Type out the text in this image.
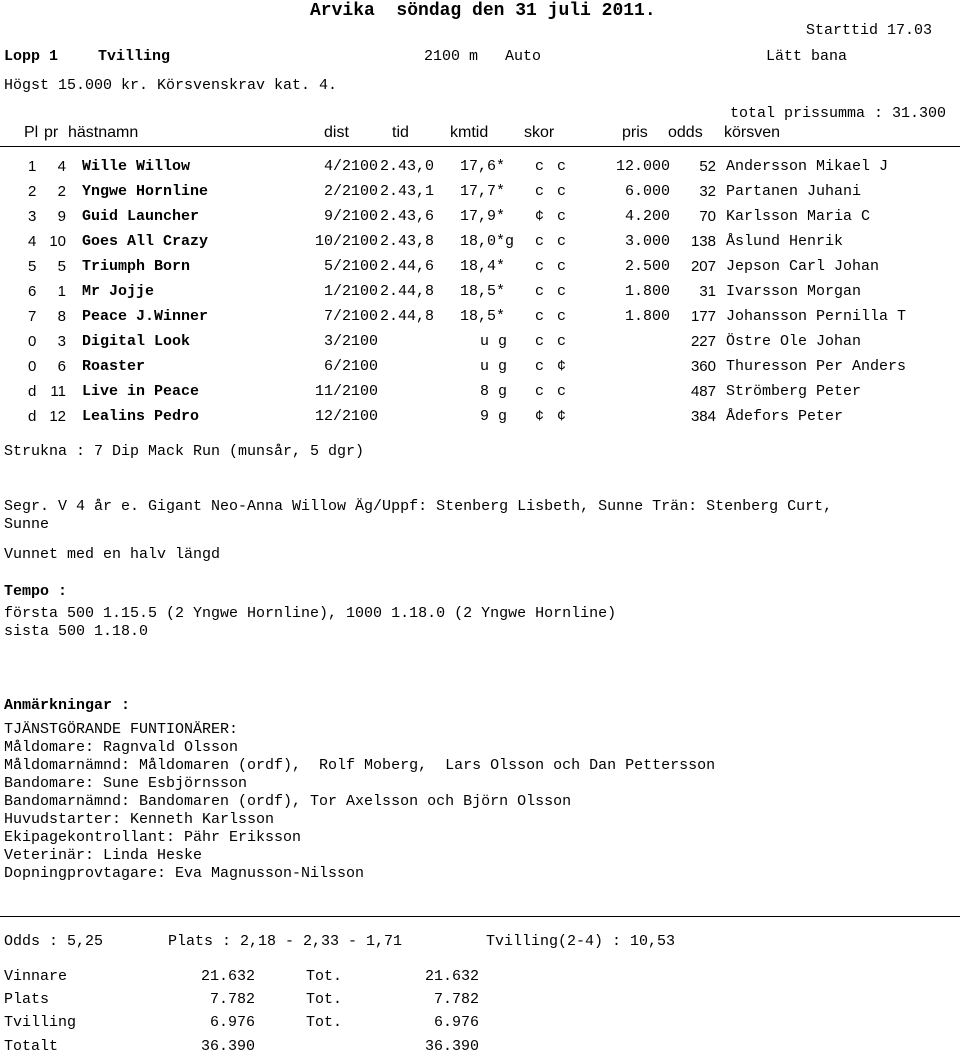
Arvika  söndag den 31 juli 2011.
Starttid 17.03
Lopp 1	Tvilling	2100 m Auto	Lätt bana
Högst 15.000 kr. Körsvenskrav kat. 4.
total prissumma : 31.300
Pl pr hästnamn	dist	tid	kmtid skor	pris odds körsven
1	4 Wille Willow	4/2100 2.43,0 17,6* c c	12.000	52 Andersson Mikael J
2	2 Yngwe Hornline	2/2100 2.43,1 17,7* c c	6.000	32 Partanen Juhani
3	9 Guid Launcher	9/2100 2.43,6 17,9* ¢ c	4.200	70 Karlsson Maria C
4 10 Goes All Crazy	10/2100 2.43,8 18,0*g c c	3.000	138 Åslund Henrik
5	5 Triumph Born	5/2100 2.44,6 18,4* c c	2.500	207 Jepson Carl Johan
6	1 Mr Jojje	1/2100 2.44,8 18,5* c c	1.800	31 Ivarsson Morgan
7	8 Peace J.Winner	7/2100 2.44,8 18,5* c c	1.800	177 Johansson Pernilla T
0	3 Digital Look	3/2100	u g c c	227 Östre Ole Johan
0	6 Roaster	6/2100	u g c ¢	360 Thuresson Per Anders
d 11 Live in Peace	11/2100	8 g c c	487 Strömberg Peter
d 12 Lealins Pedro	12/2100	9 g ¢ ¢	384 Ådefors Peter
Strukna : 7 Dip Mack Run (munsår, 5 dgr)
Segr. V 4 år e. Gigant Neo-Anna Willow Äg/Uppf: Stenberg Lisbeth, Sunne Trän: Stenberg Curt,
Sunne
Vunnet med en halv längd
Tempo :
första 500 1.15.5 (2 Yngwe Hornline), 1000 1.18.0 (2 Yngwe Hornline)
sista 500 1.18.0
Anmärkningar :
TJÄNSTGÖRANDE FUNTIONÄRER:
Måldomare: Ragnvald Olsson
Måldomarnämnd: Måldomaren (ordf),  Rolf Moberg,  Lars Olsson och Dan Pettersson
Bandomare: Sune Esbjörnsson
Bandomarnämnd: Bandomaren (ordf), Tor Axelsson och Björn Olsson
Huvudstarter: Kenneth Karlsson
Ekipagekontrollant: Pähr Eriksson
Veterinär: Linda Heske
Dopningprovtagare: Eva Magnusson-Nilsson
Odds : 5,25	Plats : 2,18 - 2,33 - 1,71	Tvilling(2-4) : 10,53
Vinnare	21.632	Tot.	21.632
Plats	7.782	Tot.	7.782
Tvilling	6.976	Tot.	6.976
Totalt	36.390	36.390
